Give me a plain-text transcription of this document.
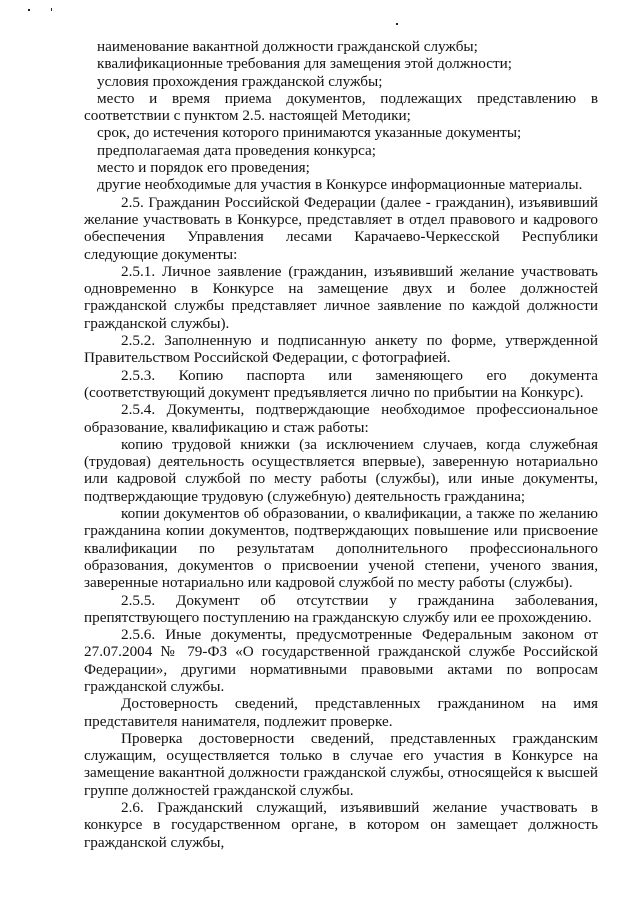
наименование вакантной должности гражданской службы;

квалификационные требования для замещения этой должности;

условия прохождения гражданской службы;

место и время приема документов, подлежащих представлению в соответствии с пунктом 2.5. настоящей Методики;

срок, до истечения которого принимаются указанные документы;

предполагаемая дата проведения конкурса;

место и порядок его проведения;

другие необходимые для участия в Конкурсе информационные материалы.

2.5. Гражданин Российской Федерации (далее - гражданин), изъявивший желание участвовать в Конкурсе, представляет в отдел правового и кадрового обеспечения Управления лесами Карачаево-Черкесской Республики следующие документы:

2.5.1. Личное заявление (гражданин, изъявивший желание участвовать одновременно в Конкурсе на замещение двух и более должностей гражданской службы представляет личное заявление по каждой должности гражданской службы).

2.5.2. Заполненную и подписанную анкету по форме, утвержденной Правительством Российской Федерации, с фотографией.

2.5.3. Копию паспорта или заменяющего его документа (соответствующий документ предъявляется лично по прибытии на Конкурс).

2.5.4. Документы, подтверждающие необходимое профессиональное образование, квалификацию и стаж работы:

копию трудовой книжки (за исключением случаев, когда служебная (трудовая) деятельность осуществляется впервые), заверенную нотариально или кадровой службой по месту работы (службы), или иные документы, подтверждающие трудовую (служебную) деятельность гражданина;

копии документов об образовании, о квалификации, а также по желанию гражданина копии документов, подтверждающих повышение или присвоение квалификации по результатам дополнительного профессионального образования, документов о присвоении ученой степени, ученого звания, заверенные нотариально или кадровой службой по месту работы (службы).

2.5.5. Документ об отсутствии у гражданина заболевания, препятствующего поступлению на гражданскую службу или ее прохождению.

2.5.6. Иные документы, предусмотренные Федеральным законом от 27.07.2004 № 79-ФЗ «О государственной гражданской службе Российской Федерации», другими нормативными правовыми актами по вопросам гражданской службы.

Достоверность сведений, представленных гражданином на имя представителя нанимателя, подлежит проверке.

Проверка достоверности сведений, представленных гражданским служащим, осуществляется только в случае его участия в Конкурсе на замещение вакантной должности гражданской службы, относящейся к высшей группе должностей гражданской службы.

2.6. Гражданский служащий, изъявивший желание участвовать в конкурсе в государственном органе, в котором он замещает должность гражданской службы,
